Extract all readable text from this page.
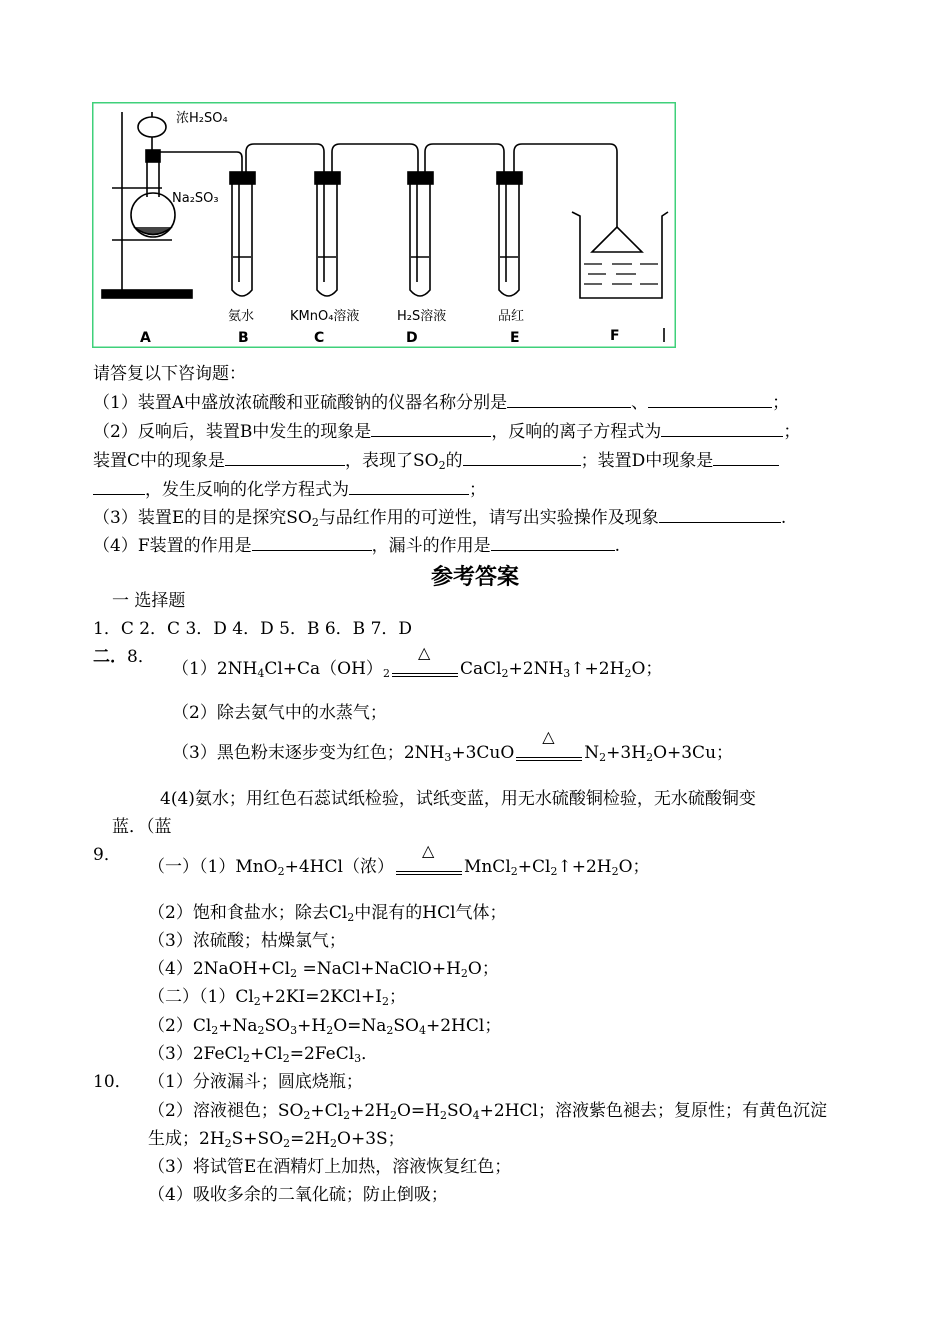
浓H₂SO₄
Na₂SO₃
氨水	KMnO₄溶液	H₂S溶液	品红
A	B	C	D	E	F
请答复以下咨询题：
（1）装置A中盛放浓硫酸和亚硫酸钠的仪器名称分别是	、	；
（2）反响后，装置B中发生的现象是	，反响的离子方程式为	；
装置C中的现象是	，表现了$SO_2$的	；装置D中现象是
，发生反响的化学方程式为	；
（3）装置E的目的是探究$SO_2$与品红作用的可逆性，请写出实验操作及现象	.
（4）F装置的作用是	，漏斗的作用是	.
参考答案
一 选择题
1．C 2．C 3．D 4．D 5．B 6．B 7．D
二．8．
$(1)2NH_4Cl+Ca(OH)_2$
△
$CaCl_2+2NH_3↑+2H_2O$；
（2）除去氨气中的水蒸气；
（3）黑色粉末逐步变为红色；$2NH_3+3CuO$
△
$N_2+3H_2O+3Cu$；
4(4)氨水；用红色石蕊试纸检验，试纸变蓝，用无水硫酸铜检验，无水硫酸铜变
蓝．（蓝
9．
（一）（1）MnO$_2$+4HCl（浓）
△
$MnCl_2+Cl_2↑+2H_2O$；
（2）饱和食盐水；除去$Cl_2$中混有的HCl气体；
（3）浓硫酸；枯燥氯气；
$(4)2NaOH+Cl_2$ $=NaCl+NaClO+H_2O$；
（二）$(1)Cl_2+2KI=2KCl+I_2$；
$(2)Cl_2+Na_2SO_3+H_2O=Na_2SO_4+2HCl$；
$(3)2FeCl_2+Cl_2=2FeCl_3$．
10． （1）分液漏斗；圆底烧瓶；
（2）溶液褪色；$SO_2+Cl_2+2H_2O=H_2SO_4+2HCl$；溶液紫色褪去；复原性；有黄色沉淀
生成；$2H_2S+SO_2=2H_2O+3S$；
（3）将试管E在酒精灯上加热，溶液恢复红色；
（4）吸收多余的二氧化硫；防止倒吸；
